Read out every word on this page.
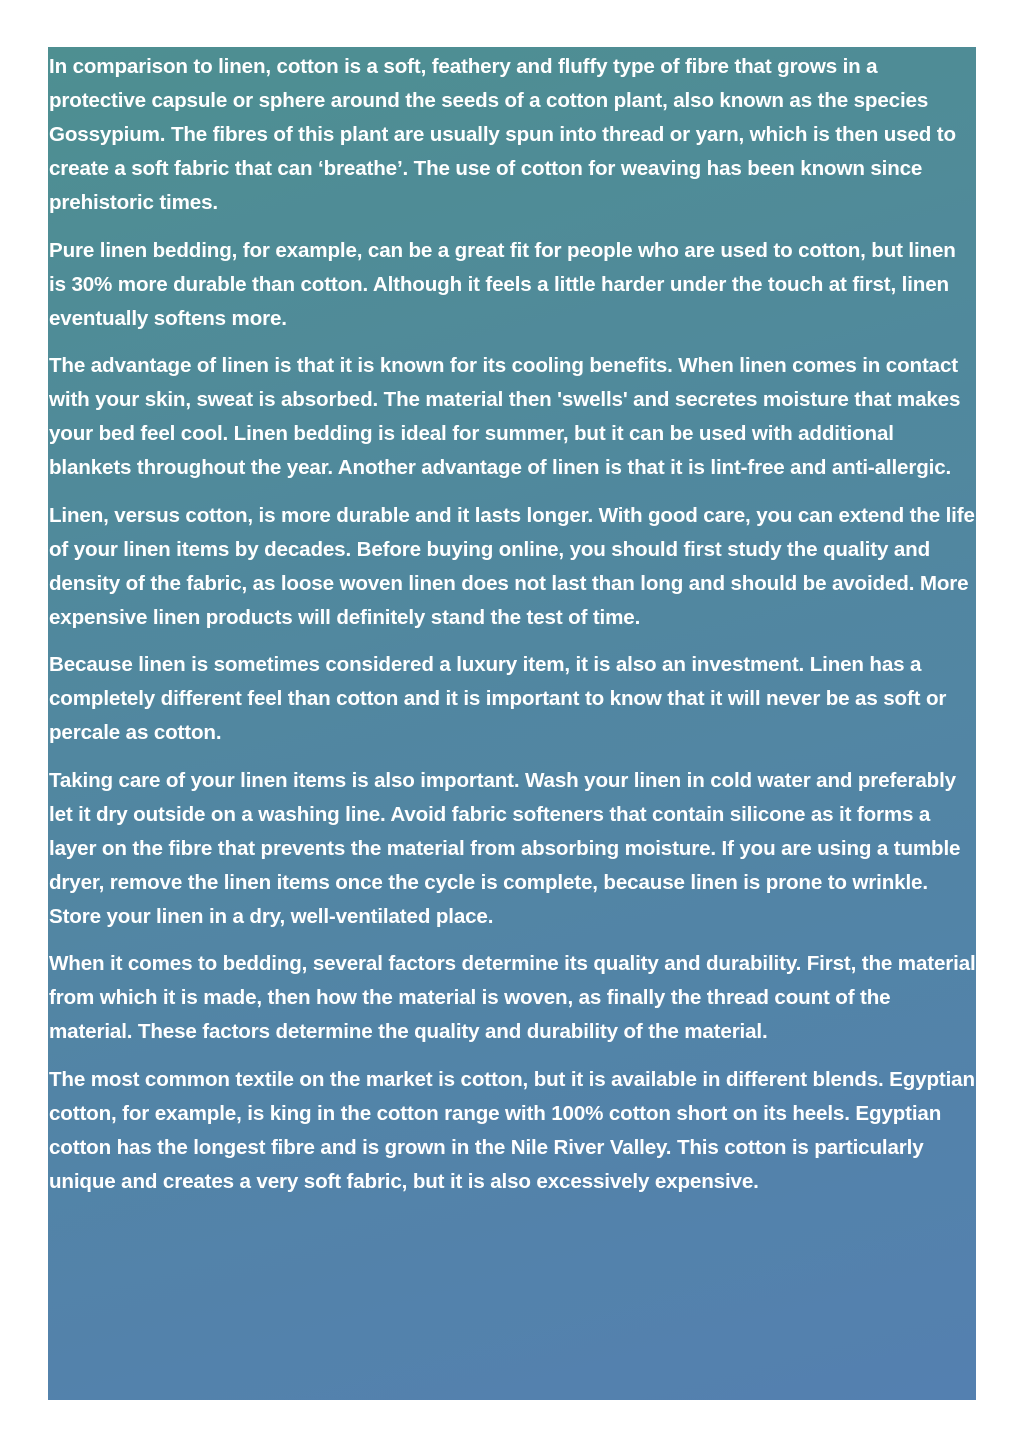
In comparison to linen, cotton is a soft, feathery and fluffy type of fibre that grows in a protective capsule or sphere around the seeds of a cotton plant, also known as the species Gossypium. The fibres of this plant are usually spun into thread or yarn, which is then used to create a soft fabric that can ‘breathe’. The use of cotton for weaving has been known since prehistoric times.

Pure linen bedding, for example, can be a great fit for people who are used to cotton, but linen is 30% more durable than cotton. Although it feels a little harder under the touch at first, linen eventually softens more.

The advantage of linen is that it is known for its cooling benefits. When linen comes in contact with your skin, sweat is absorbed. The material then 'swells' and secretes moisture that makes your bed feel cool. Linen bedding is ideal for summer, but it can be used with additional blankets throughout the year. Another advantage of linen is that it is lint-free and anti-allergic.

Linen, versus cotton, is more durable and it lasts longer. With good care, you can extend the life of your linen items by decades. Before buying online, you should first study the quality and density of the fabric, as loose woven linen does not last than long and should be avoided. More expensive linen products will definitely stand the test of time.

Because linen is sometimes considered a luxury item, it is also an investment. Linen has a completely different feel than cotton and it is important to know that it will never be as soft or percale as cotton.

Taking care of your linen items is also important. Wash your linen in cold water and preferably let it dry outside on a washing line. Avoid fabric softeners that contain silicone as it forms a layer on the fibre that prevents the material from absorbing moisture. If you are using a tumble dryer, remove the linen items once the cycle is complete, because linen is prone to wrinkle. Store your linen in a dry, well-ventilated place.

When it comes to bedding, several factors determine its quality and durability. First, the material from which it is made, then how the material is woven, as finally the thread count of the material. These factors determine the quality and durability of the material.

The most common textile on the market is cotton, but it is available in different blends. Egyptian cotton, for example, is king in the cotton range with 100% cotton short on its heels. Egyptian cotton has the longest fibre and is grown in the Nile River Valley. This cotton is particularly unique and creates a very soft fabric, but it is also excessively expensive.
